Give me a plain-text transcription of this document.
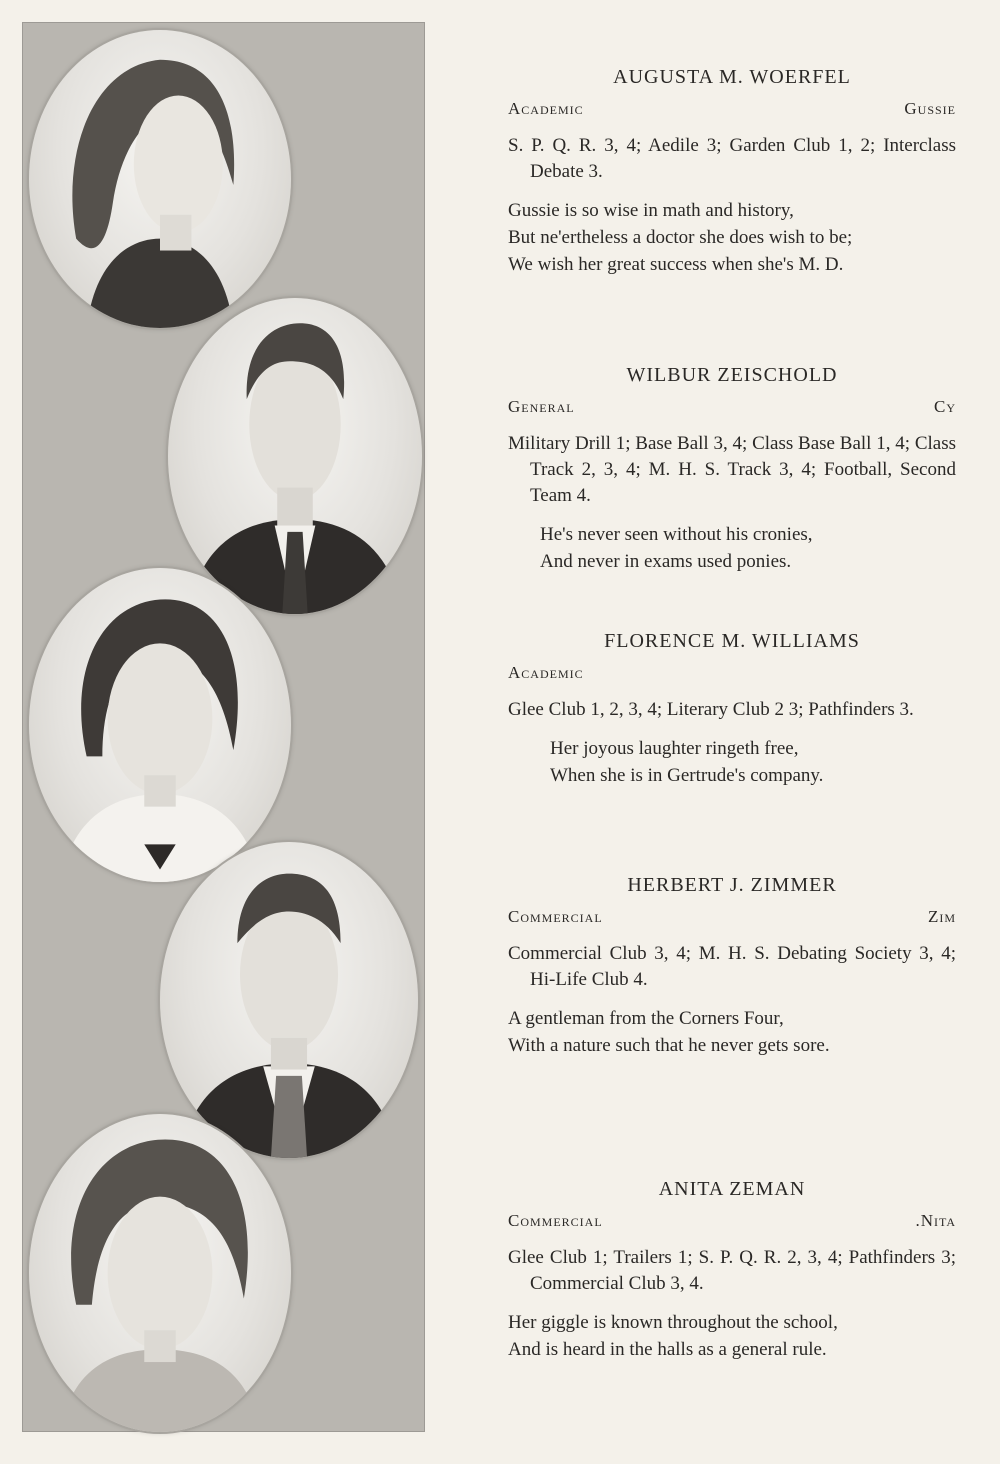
AUGUSTA M. WOERFEL
Academic	Gussie

S. P. Q. R. 3, 4; Aedile 3; Garden Club 1, 2; Interclass Debate 3.

Gussie is so wise in math and history,
But ne'ertheless a doctor she does wish to be;
We wish her great success when she's M. D.

WILBUR ZEISCHOLD
General	Cy

Military Drill 1; Base Ball 3, 4; Class Base Ball 1, 4; Class Track 2, 3, 4; M. H. S. Track 3, 4; Football, Second Team 4.

He's never seen without his cronies,
And never in exams used ponies.

FLORENCE M. WILLIAMS
Academic

Glee Club 1, 2, 3, 4; Literary Club 2 3; Pathfinders 3.

Her joyous laughter ringeth free,
When she is in Gertrude's company.

HERBERT J. ZIMMER
Commercial	Zim

Commercial Club 3, 4; M. H. S. Debating Society 3, 4; Hi-Life Club 4.

A gentleman from the Corners Four,
With a nature such that he never gets sore.

ANITA ZEMAN
Commercial	.Nita

Glee Club 1; Trailers 1; S. P. Q. R. 2, 3, 4; Pathfinders 3; Commercial Club 3, 4.

Her giggle is known throughout the school,
And is heard in the halls as a general rule.
